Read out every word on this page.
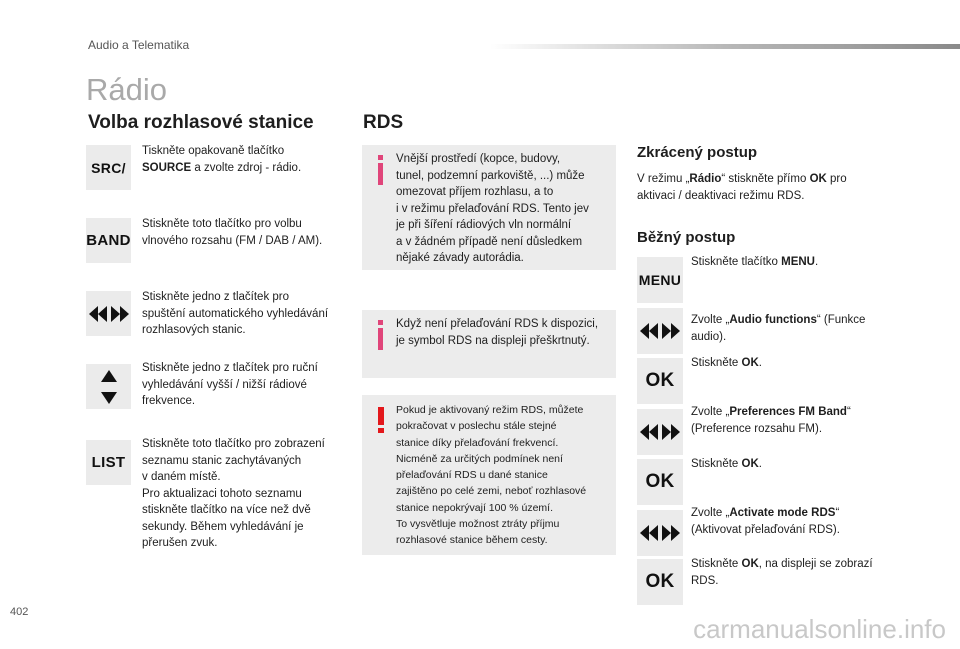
Audio a Telematika
Rádio
Volba rozhlasové stanice
SRC/
Tiskněte opakovaně tlačítko
SOURCE a zvolte zdroj - rádio.
BAND
Stiskněte toto tlačítko pro volbu
vlnového rozsahu (FM / DAB / AM).
Stiskněte jedno z tlačítek pro
spuštění automatického vyhledávání
rozhlasových stanic.
Stiskněte jedno z tlačítek pro ruční
vyhledávání vyšší / nižší rádiové
frekvence.
LIST
Stiskněte toto tlačítko pro zobrazení
seznamu stanic zachytávaných
v daném místě.
Pro aktualizaci tohoto seznamu
stiskněte tlačítko na více než dvě
sekundy. Během vyhledávání je
přerušen zvuk.
RDS
Vnější prostředí (kopce, budovy,
tunel, podzemní parkoviště, ...) může
omezovat příjem rozhlasu, a to
i v režimu přelaďování RDS. Tento jev
je při šíření rádiových vln normální
a v žádném případě není důsledkem
nějaké závady autorádia.
Když není přelaďování RDS k dispozici,
je symbol RDS na displeji přeškrtnutý.
Pokud je aktivovaný režim RDS, můžete
pokračovat v poslechu stále stejné
stanice díky přelaďování frekvencí.
Nicméně za určitých podmínek není
přelaďování RDS u dané stanice
zajištěno po celé zemi, neboť rozhlasové
stanice nepokrývají 100 % území.
To vysvětluje možnost ztráty příjmu
rozhlasové stanice během cesty.
Zkrácený postup
V režimu „Rádio“ stiskněte přímo OK pro
aktivaci / deaktivaci režimu RDS.
Běžný postup
MENU
Stiskněte tlačítko MENU.
Zvolte „Audio functions“ (Funkce
audio).
OK
Stiskněte OK.
Zvolte „Preferences FM Band“
(Preference rozsahu FM).
OK
Stiskněte OK.
Zvolte „Activate mode RDS“
(Aktivovat přelaďování RDS).
OK
Stiskněte OK, na displeji se zobrazí
RDS.
402
carmanualsonline.info
